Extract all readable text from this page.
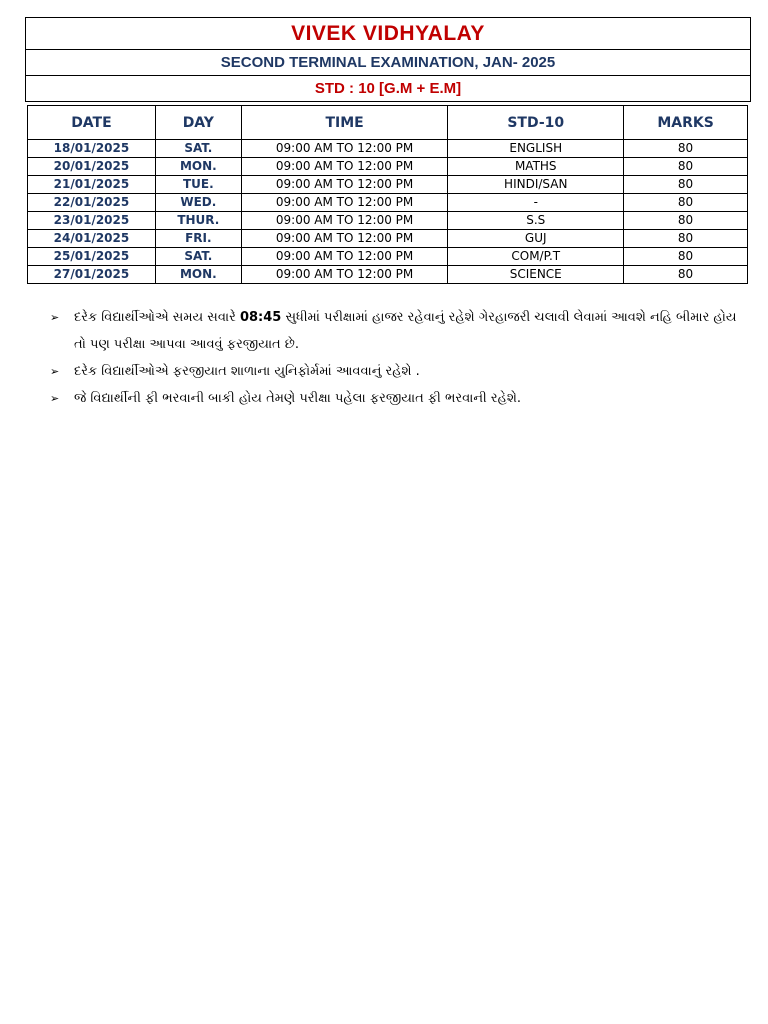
VIVEK VIDHYALAY
SECOND TERMINAL EXAMINATION, JAN- 2025
STD : 10 [G.M + E.M]
DATE	DAY	TIME	STD-10	MARKS
18/01/2025	SAT.	09:00 AM TO 12:00 PM	ENGLISH	80
20/01/2025	MON.	09:00 AM TO 12:00 PM	MATHS	80
21/01/2025	TUE.	09:00 AM TO 12:00 PM	HINDI/SAN	80
22/01/2025	WED.	09:00 AM TO 12:00 PM	-	80
23/01/2025	THUR.	09:00 AM TO 12:00 PM	S.S	80
24/01/2025	FRI.	09:00 AM TO 12:00 PM	GUJ	80
25/01/2025	SAT.	09:00 AM TO 12:00 PM	COM/P.T	80
27/01/2025	MON.	09:00 AM TO 12:00 PM	SCIENCE	80
➢	દરેક વિદ્યાર્થીઓએ સમય સવારે 08:45 સુધીમાં પરીક્ષામાં હાજર રહેવાનું રહેશે ગેરહાજરી ચલાવી લેવામાં આવશે નહિ બીમાર હોય તો પણ પરીક્ષા આપવા આવવું ફરજીયાત છે.
➢	દરેક વિદ્યાર્થીઓએ ફરજીયાત શાળાના યુનિફોર્મમાં આવવાનું રહેશે .
➢	જે વિદ્યાર્થીની ફી ભરવાની બાકી હોય તેમણે પરીક્ષા પહેલા ફરજીયાત ફી ભરવાની રહેશે.
